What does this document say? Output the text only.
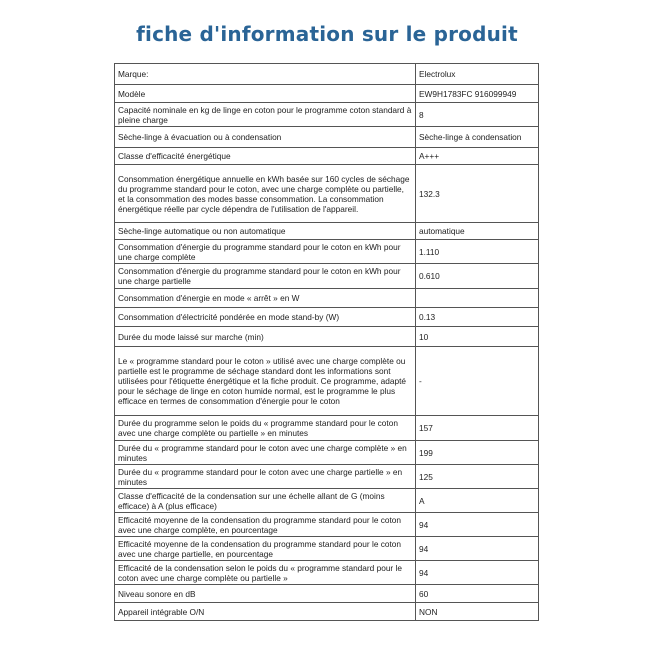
fiche d'information sur le produit
Marque:	Electrolux
Modèle	EW9H1783FC 916099949
Capacité nominale en kg de linge en coton pour le programme coton standard à pleine charge	8
Sèche-linge à évacuation ou à condensation	Sèche-linge à condensation
Classe d'efficacité énergétique	A+++
Consommation énergétique annuelle en kWh basée sur 160 cycles de séchage du programme standard pour le coton, avec une charge complète ou partielle, et la consommation des modes basse consommation. La consommation énergétique réelle par cycle dépendra de l'utilisation de l'appareil.	132.3
Sèche-linge automatique ou non automatique	automatique
Consommation d'énergie du programme standard pour le coton en kWh pour une charge complète	1.110
Consommation d'énergie du programme standard pour le coton en kWh pour une charge partielle	0.610
Consommation d'énergie en mode « arrêt » en W	
Consommation d'électricité pondérée en mode stand-by (W)	0.13
Durée du mode laissé sur marche (min)	10
Le « programme standard pour le coton » utilisé avec une charge complète ou partielle est le programme de séchage standard dont les informations sont utilisées pour l'étiquette énergétique et la fiche produit. Ce programme, adapté pour le séchage de linge en coton humide normal, est le programme le plus efficace en termes de consommation d'énergie pour le coton	-
Durée du programme selon le poids du « programme standard pour le coton avec une charge complète ou partielle » en minutes	157
Durée du « programme standard pour le coton avec une charge complète » en minutes	199
Durée du « programme standard pour le coton avec une charge partielle » en minutes	125
Classe d'efficacité de la condensation sur une échelle allant de G (moins efficace) à A (plus efficace)	A
Efficacité moyenne de la condensation du programme standard pour le coton avec une charge complète, en pourcentage	94
Efficacité moyenne de la condensation du programme standard pour le coton avec une charge partielle, en pourcentage	94
Efficacité de la condensation selon le poids du « programme standard pour le coton avec une charge complète ou partielle »	94
Niveau sonore en dB	60
Appareil intégrable O/N	NON
